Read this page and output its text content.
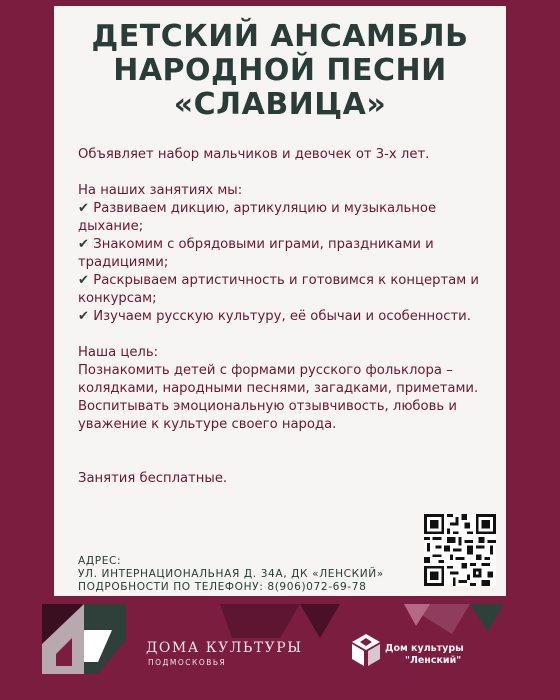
ДЕТСКИЙ АНСАМБЛЬ
НАРОДНОЙ ПЕСНИ
«СЛАВИЦА»

Объявляет набор мальчиков и девочек от 3-х лет.

На наших занятиях мы:

✔ Развиваем дикцию, артикуляцию и музыкальное дыхание;

✔ Знакомим с обрядовыми играми, праздниками и традициями;

✔ Раскрываем артистичность и готовимся к концертам и конкурсам;

✔ Изучаем русскую культуру, её обычаи и особенности.

Наша цель:

Познакомить детей с формами русского фольклора – колядками, народными песнями, загадками, приметами. Воспитывать эмоциональную отзывчивость, любовь и уважение к культуре своего народа.

Занятия бесплатные.

АДРЕС:
УЛ. ИНТЕРНАЦИОНАЛЬНАЯ Д. 34А, ДК «ЛЕНСКИЙ»
ПОДРОБНОСТИ ПО ТЕЛЕФОНУ: 8(906)072-69-78
ДОМА КУЛЬТУРЫ
ПОДМОСКОВЬЯ
Дом культуры
"Ленский"
